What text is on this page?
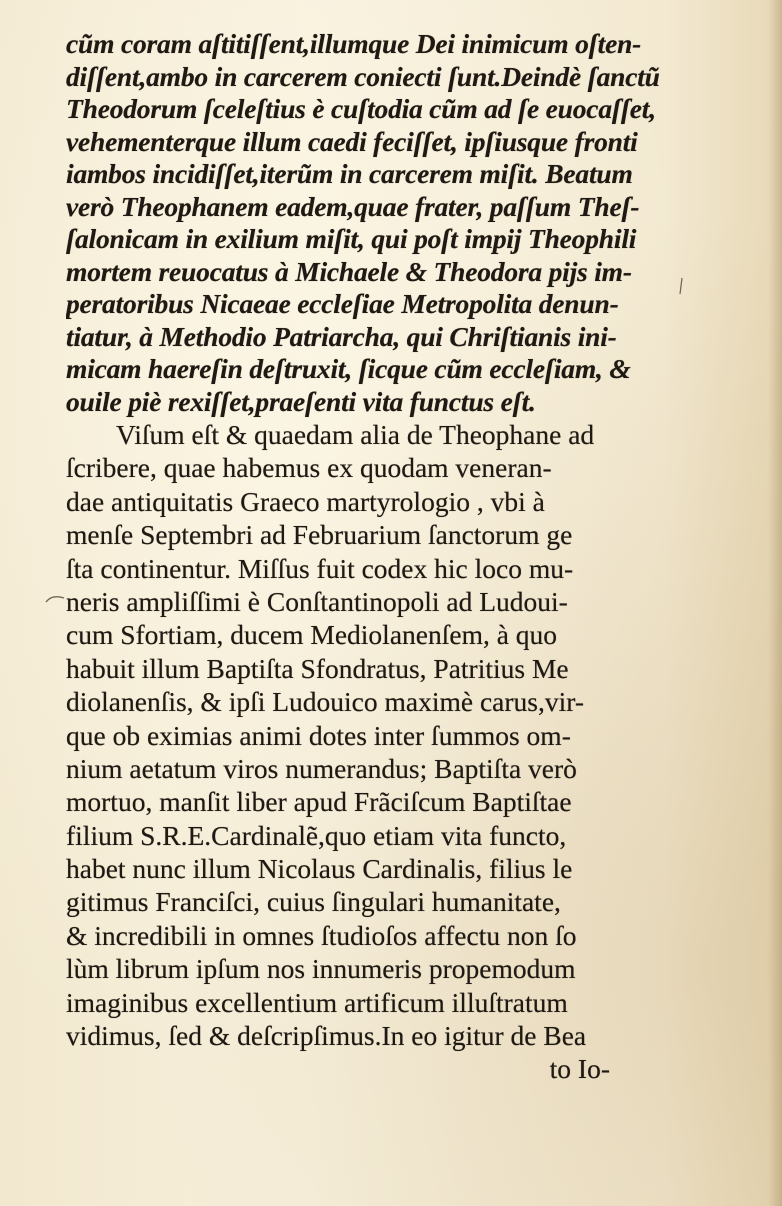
cũm coram aſtitiſſent,illumque Dei inimicum oſten-

diſſent,ambo in carcerem coniecti ſunt.Deindè ſanctũ

Theodorum ſceleſtius è cuſtodia cũm ad ſe euocaſſet,

vehementerque illum caedi feciſſet, ipſiusque fronti

iambos incidiſſet,iterũm in carcerem miſit. Beatum

verò Theophanem eadem,quae frater, paſſum Theſ-

ſalonicam in exilium miſit, qui poſt impij Theophili

mortem reuocatus à Michaele & Theodora pijs im-

peratoribus Nicaeae eccleſiae Metropolita denun-

tiatur, à Methodio Patriarcha, qui Chriſtianis ini-

micam haereſin deſtruxit, ſicque cũm eccleſiam, &

ouile piè rexiſſet,praeſenti vita functus eſt.

Viſum eſt & quaedam alia de Theophane ad

ſcribere, quae habemus ex quodam veneran-

dae antiquitatis Graeco martyrologio , vbi à

menſe Septembri ad Februarium ſanctorum ge

ſta continentur. Miſſus fuit codex hic loco mu-

neris ampliſſimi è Conſtantinopoli ad Ludoui-

cum Sfortiam, ducem Mediolanenſem, à quo

habuit illum Baptiſta Sfondratus, Patritius Me

diolanenſis, & ipſi Ludouico maximè carus,vir-

que ob eximias animi dotes inter ſummos om-

nium aetatum viros numerandus; Baptiſta verò

mortuo, manſit liber apud Frãciſcum Baptiſtae

filium S.R.E.Cardinalẽ,quo etiam vita functo,

habet nunc illum Nicolaus Cardinalis, filius le

gitimus Franciſci, cuius ſingulari humanitate,

& incredibili in omnes ſtudioſos affectu non ſo

lùm librum ipſum nos innumeris propemodum

imaginibus excellentium artificum illuſtratum

vidimus, ſed & deſcripſimus.In eo igitur de Bea

to Io-
